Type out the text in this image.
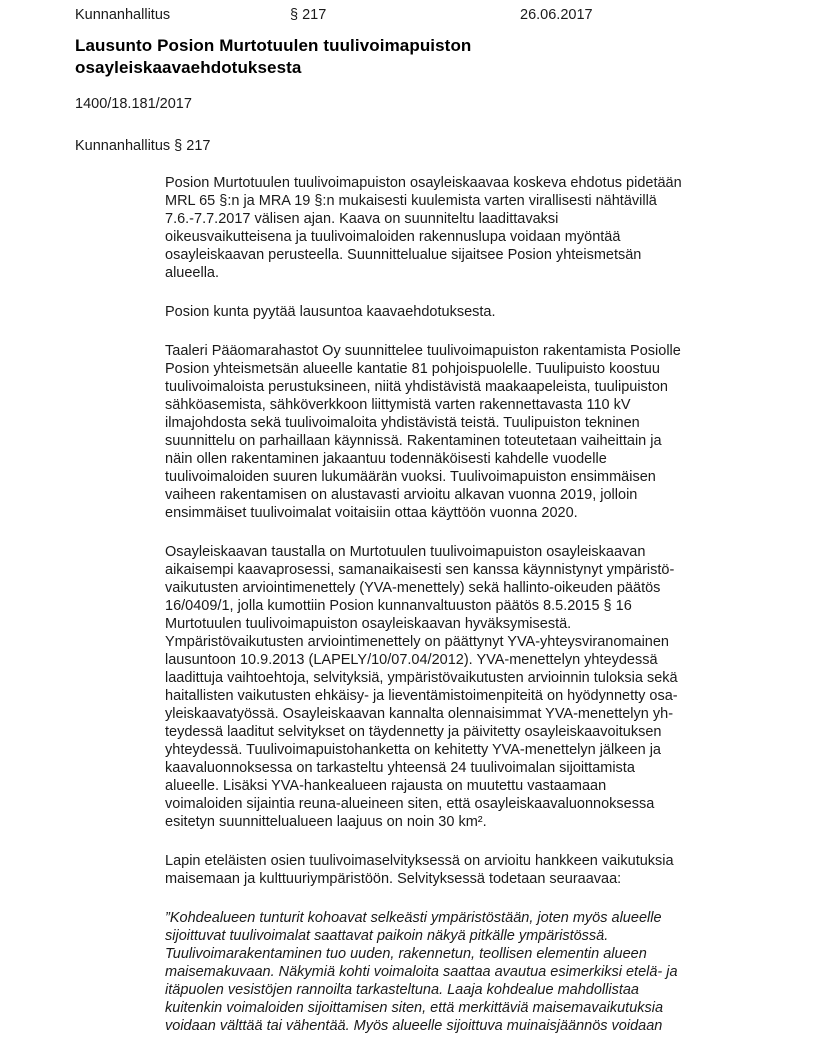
Kunnanhallitus	§ 217	26.06.2017
Lausunto Posion Murtotuulen tuulivoimapuiston osayleiskaavaehdotuksesta
1400/18.181/2017
Kunnanhallitus § 217
Posion Murtotuulen tuulivoimapuiston osayleiskaavaa koskeva ehdotus pidetään
MRL 65 §:n ja MRA 19 §:n mukaisesti kuulemista varten virallisesti nähtävillä
7.6.-7.7.2017 välisen ajan. Kaava on suunniteltu laadittavaksi
oikeusvaikutteisena ja tuulivoimaloiden rakennuslupa voidaan myöntää
osayleiskaavan perusteella. Suunnittelualue sijaitsee Posion yhteismetsän
alueella.
Posion kunta pyytää lausuntoa kaavaehdotuksesta.
Taaleri Pääomarahastot Oy suunnittelee tuulivoimapuiston rakentamista Posiolle
Posion yhteismetsän alueelle kantatie 81 pohjoispuolelle. Tuulipuisto koostuu
tuulivoimaloista perustuksineen, niitä yhdistävistä maakaapeleista, tuulipuiston
sähköasemista, sähköverkkoon liittymistä varten rakennettavasta 110 kV
ilmajohdosta sekä tuulivoimaloita yhdistävistä teistä. Tuulipuiston tekninen
suunnittelu on parhaillaan käynnissä. Rakentaminen toteutetaan vaiheittain ja
näin ollen rakentaminen jakaantuu todennäköisesti kahdelle vuodelle
tuulivoimaloiden suuren lukumäärän vuoksi. Tuulivoimapuiston ensimmäisen
vaiheen rakentamisen on alustavasti arvioitu alkavan vuonna 2019, jolloin
ensimmäiset tuulivoimalat voitaisiin ottaa käyttöön vuonna 2020.
Osayleiskaavan taustalla on Murtotuulen tuulivoimapuiston osayleiskaavan
aikaisempi kaavaprosessi, samanaikaisesti sen kanssa käynnistynyt ympäristö-
vaikutusten arviointimenettely (YVA-menettely) sekä hallinto-oikeuden päätös
16/0409/1, jolla kumottiin Posion kunnanvaltuuston päätös 8.5.2015 § 16
Murtotuulen tuulivoimapuiston osayleiskaavan hyväksymisestä.
Ympäristövaikutusten arviointimenettely on päättynyt YVA-yhteysviranomainen
lausuntoon 10.9.2013 (LAPELY/10/07.04/2012). YVA-menettelyn yhteydessä
laadittuja vaihtoehtoja, selvityksiä, ympäristövaikutusten arvioinnin tuloksia sekä
haitallisten vaikutusten ehkäisy- ja lieventämistoimenpiteitä on hyödynnetty osa-
yleiskaavatyössä. Osayleiskaavan kannalta olennaisimmat YVA-menettelyn yh-
teydessä laaditut selvitykset on täydennetty ja päivitetty osayleiskaavoituksen
yhteydessä. Tuulivoimapuistohanketta on kehitetty YVA-menettelyn jälkeen ja
kaavaluonnoksessa on tarkasteltu yhteensä 24 tuulivoimalan sijoittamista
alueelle. Lisäksi YVA-hankealueen rajausta on muutettu vastaamaan
voimaloiden sijaintia reuna-alueineen siten, että osayleiskaavaluonnoksessa
esitetyn suunnittelualueen laajuus on noin 30 km².
Lapin eteläisten osien tuulivoimaselvityksessä on arvioitu hankkeen vaikutuksia
maisemaan ja kulttuuriympäristöön. Selvityksessä todetaan seuraavaa:
”Kohdealueen tunturit kohoavat selkeästi ympäristöstään, joten myös alueelle
sijoittuvat tuulivoimalat saattavat paikoin näkyä pitkälle ympäristössä.
Tuulivoimarakentaminen tuo uuden, rakennetun, teollisen elementin alueen
maisemakuvaan. Näkymiä kohti voimaloita saattaa avautua esimerkiksi etelä- ja
itäpuolen vesistöjen rannoilta tarkasteltuna. Laaja kohdealue mahdollistaa
kuitenkin voimaloiden sijoittamisen siten, että merkittäviä maisemavaikutuksia
voidaan välttää tai vähentää. Myös alueelle sijoittuva muinaisjäännös voidaan
